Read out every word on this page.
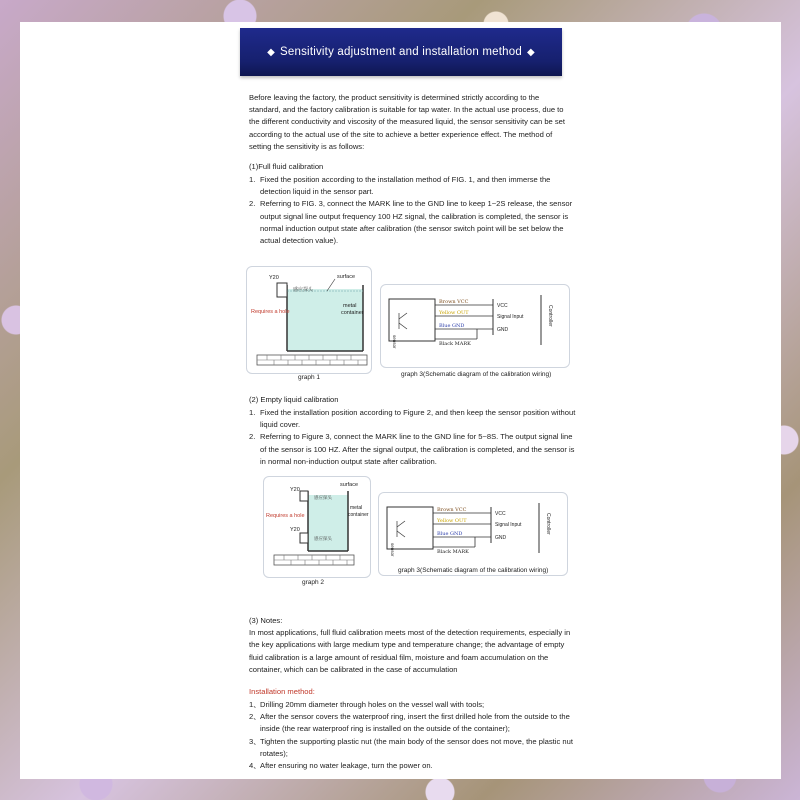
◆ Sensitivity adjustment and installation method ◆
Before leaving the factory, the product sensitivity is determined strictly according to the standard, and the factory calibration is suitable for tap water. In the actual use process, due to the different conductivity and viscosity of the measured liquid, the sensor sensitivity can be set according to the actual use of the site to achieve a better experience effect. The method of setting the sensitivity is as follows:
(1)Full fluid calibration
1. Fixed the position according to the installation method of FIG. 1, and then immerse the detection liquid in the sensor part.
2. Referring to FIG. 3, connect the MARK line to the GND line to keep 1~2S release, the sensor output signal line output frequency 100 HZ signal, the calibration is completed, the sensor is normal induction output state after calibration (the sensor switch point will be set below the actual detection value).
Y20
感应探头
surface
metal
container
Requires a hole
graph 1
sensor
Brown VCC
Yellow OUT
Blue GND
Black MARK
VCC
Signal Input
GND
Controller
graph 3(Schematic diagram of the calibration wiring)
(2) Empty liquid calibration
1. Fixed the installation position according to Figure 2, and then keep the sensor position without liquid cover.
2. Referring to Figure 3, connect the MARK line to the GND line for 5~8S. The output signal line of the sensor is 100 HZ. After the signal output, the calibration is completed, and the sensor is in normal non-induction output state after calibration.
Y20
Y20
感应探头
感应探头
surface
metal
container
Requires a hole
graph 2
sensor
Brown VCC
Yellow OUT
Blue GND
Black MARK
VCC
Signal Input
GND
Controller
graph 3(Schematic diagram of the calibration wiring)
(3) Notes:
In most applications, full fluid calibration meets most of the detection requirements, especially in the key applications with large medium type and temperature change; the advantage of empty fluid calibration is a large amount of residual film, moisture and foam accumulation on the container, which can be calibrated in the case of accumulation
Installation method:
1、 Drilling 20mm diameter through holes on the vessel wall with tools;
2、 After the sensor covers the waterproof ring, insert the first drilled hole from the outside to the inside (the rear waterproof ring is installed on the outside of the container);
3、 Tighten the supporting plastic nut (the main body of the sensor does not move, the plastic nut rotates);
4、 After ensuring no water leakage, turn the power on.
